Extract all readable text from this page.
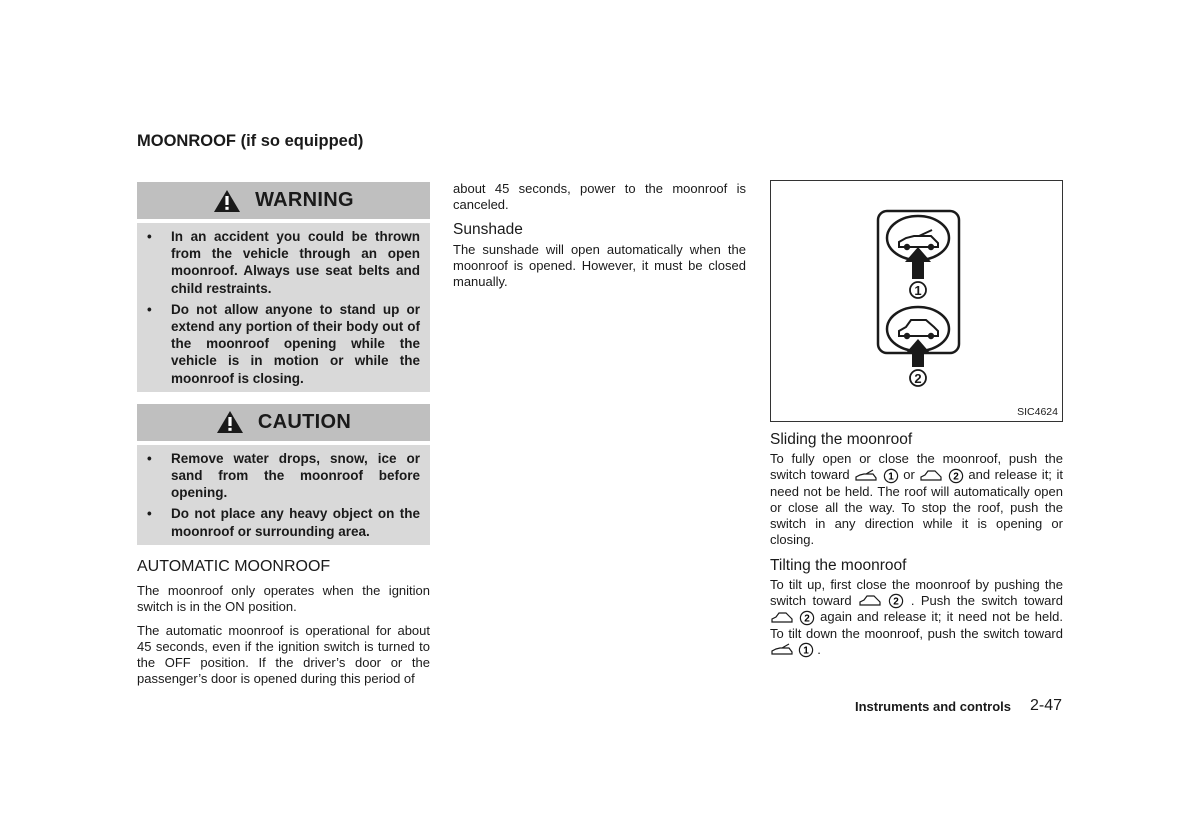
MOONROOF (if so equipped)
WARNING
•	In an accident you could be thrown from the vehicle through an open moonroof. Always use seat belts and child restraints.
•	Do not allow anyone to stand up or extend any portion of their body out of the moonroof opening while the vehicle is in motion or while the moonroof is closing.
CAUTION
•	Remove water drops, snow, ice or sand from the moonroof before opening.
•	Do not place any heavy object on the moonroof or surrounding area.
AUTOMATIC MOONROOF

The moonroof only operates when the ignition switch is in the ON position.

The automatic moonroof is operational for about 45 seconds, even if the ignition switch is turned to the OFF position. If the driver’s door or the passenger’s door is opened during this period of

about 45 seconds, power to the moonroof is canceled.

Sunshade

The sunshade will open automatically when the moonroof is opened. However, it must be closed manually.

1
2
SIC4624
Sliding the moonroof

To fully open or close the moonroof, push the switch toward	1 or	2 and release it; it need not be held. The roof will automatically open or close all the way. To stop the roof, push the switch in any direction while it is opening or closing.

Tilting the moonroof

To tilt up, first close the moonroof by pushing the switch toward	2 . Push the switch toward
2 again and release it; it need not be held. To tilt down the moonroof, push the switch toward
1 .

Instruments and controls 2-47
